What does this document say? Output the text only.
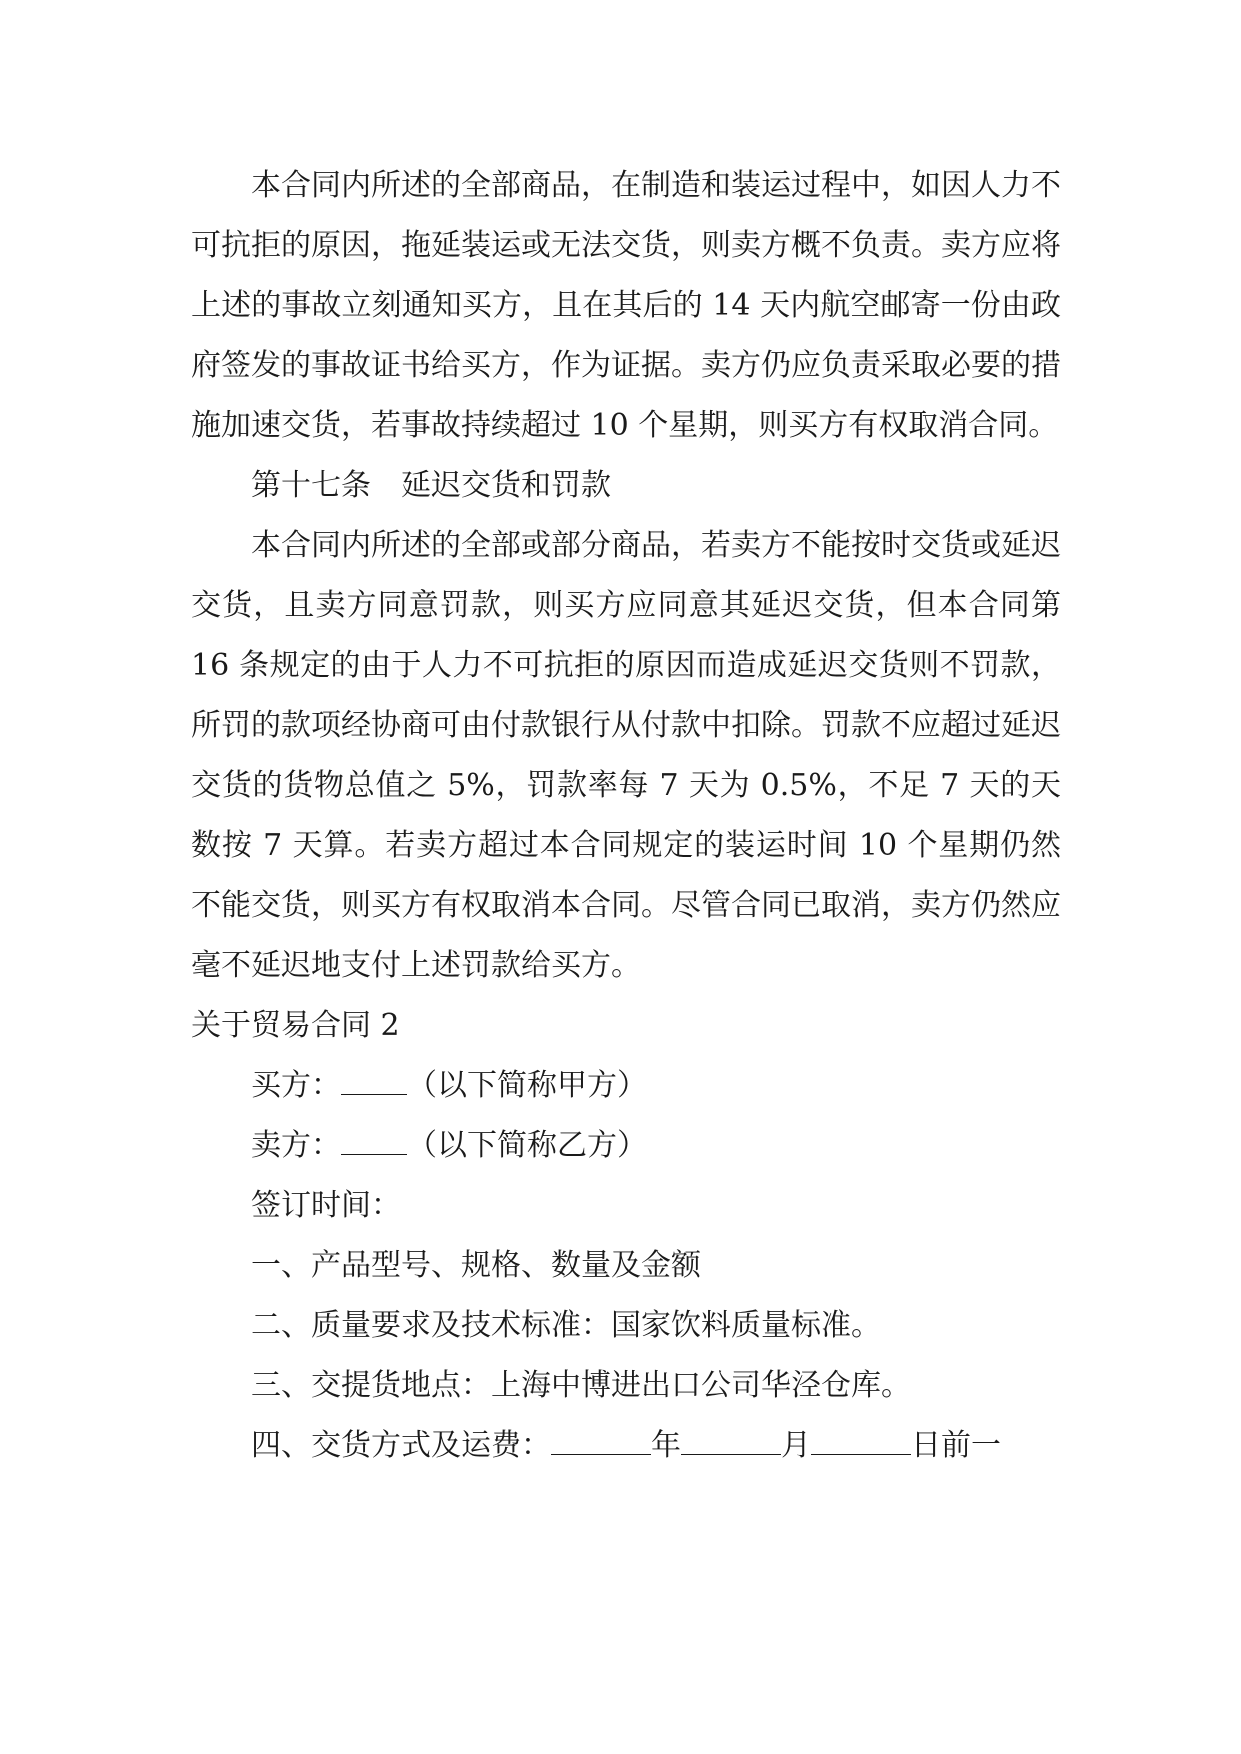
本合同内所述的全部商品，在制造和装运过程中，如因人力不可抗拒的原因，拖延装运或无法交货，则卖方概不负责。卖方应将上述的事故立刻通知买方，且在其后的 14 天内航空邮寄一份由政府签发的事故证书给买方，作为证据。卖方仍应负责采取必要的措施加速交货，若事故持续超过 10 个星期，则买方有权取消合同。

第十七条　延迟交货和罚款

本合同内所述的全部或部分商品，若卖方不能按时交货或延迟交货，且卖方同意罚款，则买方应同意其延迟交货，但本合同第 16 条规定的由于人力不可抗拒的原因而造成延迟交货则不罚款，所罚的款项经协商可由付款银行从付款中扣除。罚款不应超过延迟交货的货物总值之 5%，罚款率每 7 天为 0.5%，不足 7 天的天数按 7 天算。若卖方超过本合同规定的装运时间 10 个星期仍然不能交货，则买方有权取消本合同。尽管合同已取消，卖方仍然应毫不延迟地支付上述罚款给买方。

关于贸易合同 2

买方： （以下简称甲方）

卖方： （以下简称乙方）

签订时间：

一、产品型号、规格、数量及金额

二、质量要求及技术标准：国家饮料质量标准。

三、交提货地点：上海中博进出口公司华泾仓库。

四、交货方式及运费：	年	月	日前一
